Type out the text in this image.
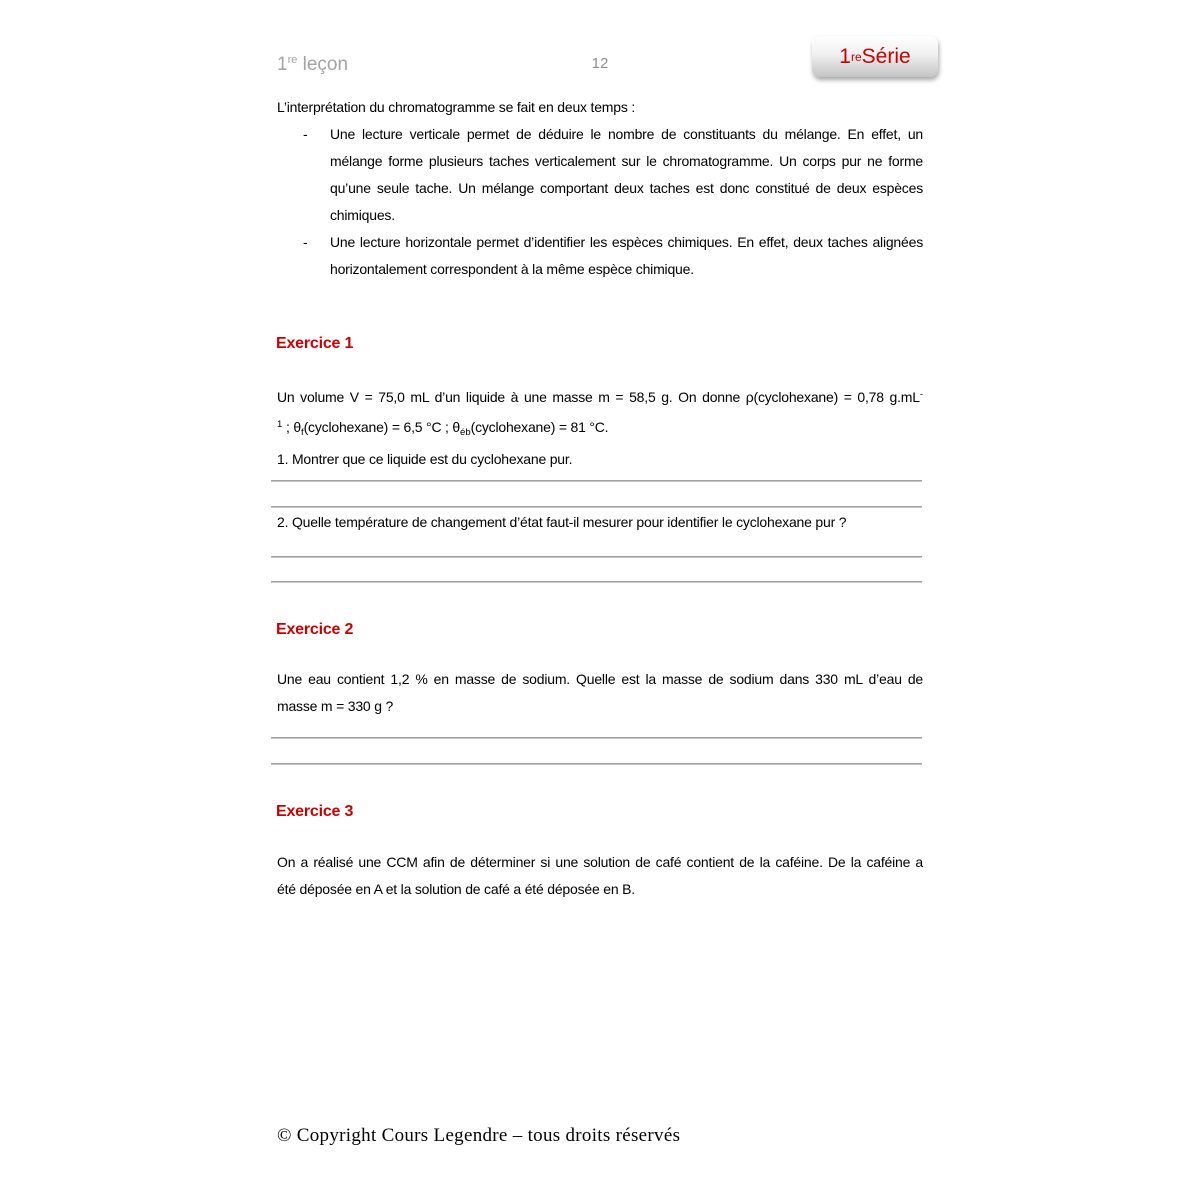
1re leçon	12	1 re Série
L’interprétation du chromatogramme se fait en deux temps :
- Une lecture verticale permet de déduire le nombre de constituants du mélange. En effet, un
mélange forme plusieurs taches verticalement sur le chromatogramme. Un corps pur ne forme
qu’une seule tache. Un mélange comportant deux taches est donc constitué de deux espèces
chimiques.
- Une lecture horizontale permet d’identifier les espèces chimiques. En effet, deux taches alignées
horizontalement correspondent à la même espèce chimique.
Exercice 1
Un volume V = 75,0 mL d’un liquide à une masse m = 58,5 g. On donne ρ(cyclohexane) = 0,78 g.mL-
$^1$ ; $\theta_f(cyclohexane) = 6,5$ °C ; $\theta_{éb}(cyclohexane) = 81$ °C.
1. Montrer que ce liquide est du cyclohexane pur.
2. Quelle température de changement d’état faut-il mesurer pour identifier le cyclohexane pur ?
Exercice 2
Une eau contient 1,2 % en masse de sodium. Quelle est la masse de sodium dans 330 mL d’eau de
masse m = 330 g ?
Exercice 3
On a réalisé une CCM afin de déterminer si une solution de café contient de la caféine. De la caféine a
été déposée en A et la solution de café a été déposée en B.
© Copyright Cours Legendre – tous droits réservés
